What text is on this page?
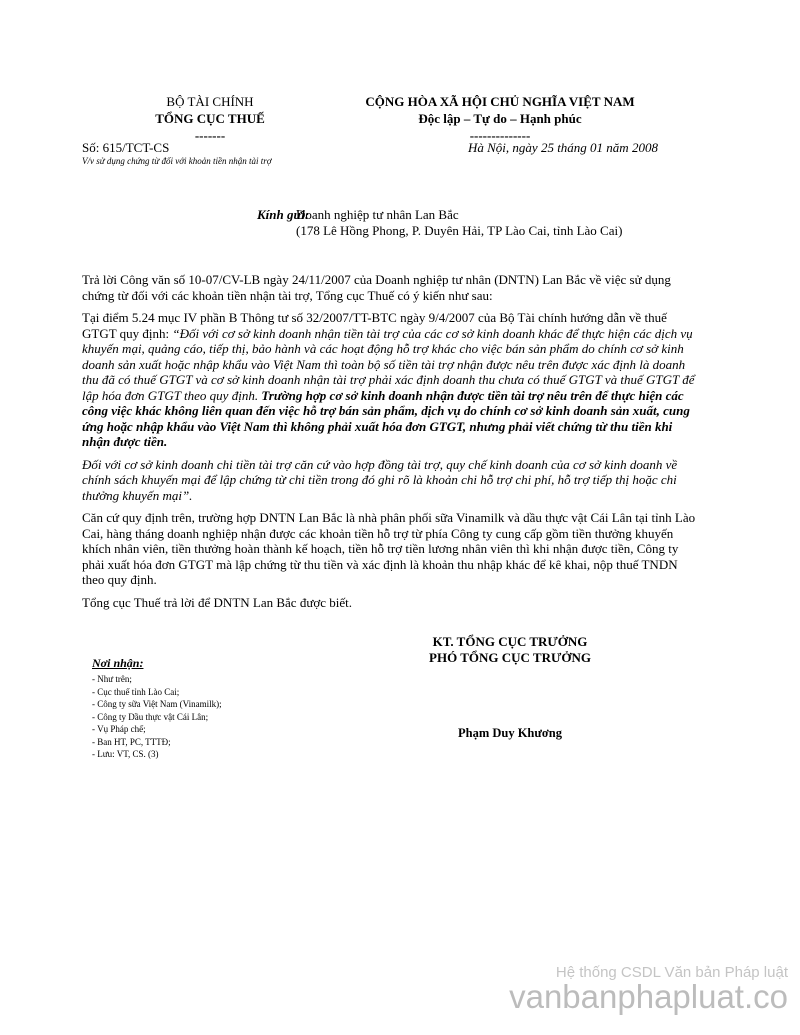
BỘ TÀI CHÍNH
TỔNG CỤC THUẾ
-------
CỘNG HÒA XÃ HỘI CHỦ NGHĨA VIỆT NAM
Độc lập – Tự do – Hạnh phúc
--------------
Số: 615/TCT-CS
V/v sử dụng chứng từ đối với khoản tiền nhận tài trợ
Hà Nội, ngày 25 tháng 01 năm 2008
Kính gửi:
Doanh nghiệp tư nhân Lan Bắc
(178 Lê Hồng Phong, P. Duyên Hải, TP Lào Cai, tỉnh Lào Cai)

Trả lời Công văn số 10-07/CV-LB ngày 24/11/2007 của Doanh nghiệp tư nhân (DNTN) Lan Bắc về việc sử dụng chứng từ đối với các khoản tiền nhận tài trợ, Tổng cục Thuế có ý kiến như sau:

Tại điểm 5.24 mục IV phần B Thông tư số 32/2007/TT-BTC ngày 9/4/2007 của Bộ Tài chính hướng dẫn về thuế GTGT quy định: “Đối với cơ sở kinh doanh nhận tiền tài trợ của các cơ sở kinh doanh khác để thực hiện các dịch vụ khuyến mại, quảng cáo, tiếp thị, bảo hành và các hoạt động hỗ trợ khác cho việc bán sản phẩm do chính cơ sở kinh doanh sản xuất hoặc nhập khẩu vào Việt Nam thì toàn bộ số tiền tài trợ nhận được nêu trên được xác định là doanh thu đã có thuế GTGT và cơ sở kinh doanh nhận tài trợ phải xác định doanh thu chưa có thuế GTGT và thuế GTGT để lập hóa đơn GTGT theo quy định. Trường hợp cơ sở kinh doanh nhận được tiền tài trợ nêu trên để thực hiện các công việc khác không liên quan đến việc hỗ trợ bán sản phẩm, dịch vụ do chính cơ sở kinh doanh sản xuất, cung ứng hoặc nhập khẩu vào Việt Nam thì không phải xuất hóa đơn GTGT, nhưng phải viết chứng từ thu tiền khi nhận được tiền.

Đối với cơ sở kinh doanh chi tiền tài trợ căn cứ vào hợp đồng tài trợ, quy chế kinh doanh của cơ sở kinh doanh về chính sách khuyến mại để lập chứng từ chi tiền trong đó ghi rõ là khoản chi hỗ trợ chi phí, hỗ trợ tiếp thị hoặc chi thưởng khuyến mại”.

Căn cứ quy định trên, trường hợp DNTN Lan Bắc là nhà phân phối sữa Vinamilk và dầu thực vật Cái Lân tại tỉnh Lào Cai, hàng tháng doanh nghiệp nhận được các khoản tiền hỗ trợ từ phía Công ty cung cấp gồm tiền thưởng khuyến khích nhân viên, tiền thưởng hoàn thành kế hoạch, tiền hỗ trợ tiền lương nhân viên thì khi nhận được tiền, Công ty phải xuất hóa đơn GTGT mà lập chứng từ thu tiền và xác định là khoản thu nhập khác để kê khai, nộp thuế TNDN theo quy định.

Tổng cục Thuế trả lời để DNTN Lan Bắc được biết.

KT. TỔNG CỤC TRƯỞNG
PHÓ TỔNG CỤC TRƯỞNG
Phạm Duy Khương
Nơi nhận:
- Như trên;
- Cục thuế tỉnh Lào Cai;
- Công ty sữa Việt Nam (Vinamilk);
- Công ty Dầu thực vật Cái Lân;
- Vụ Pháp chế;
- Ban HT, PC, TTTĐ;
- Lưu: VT, CS. (3)
Hệ thống CSDL Văn bản Pháp luật
vanbanphapluat.co
